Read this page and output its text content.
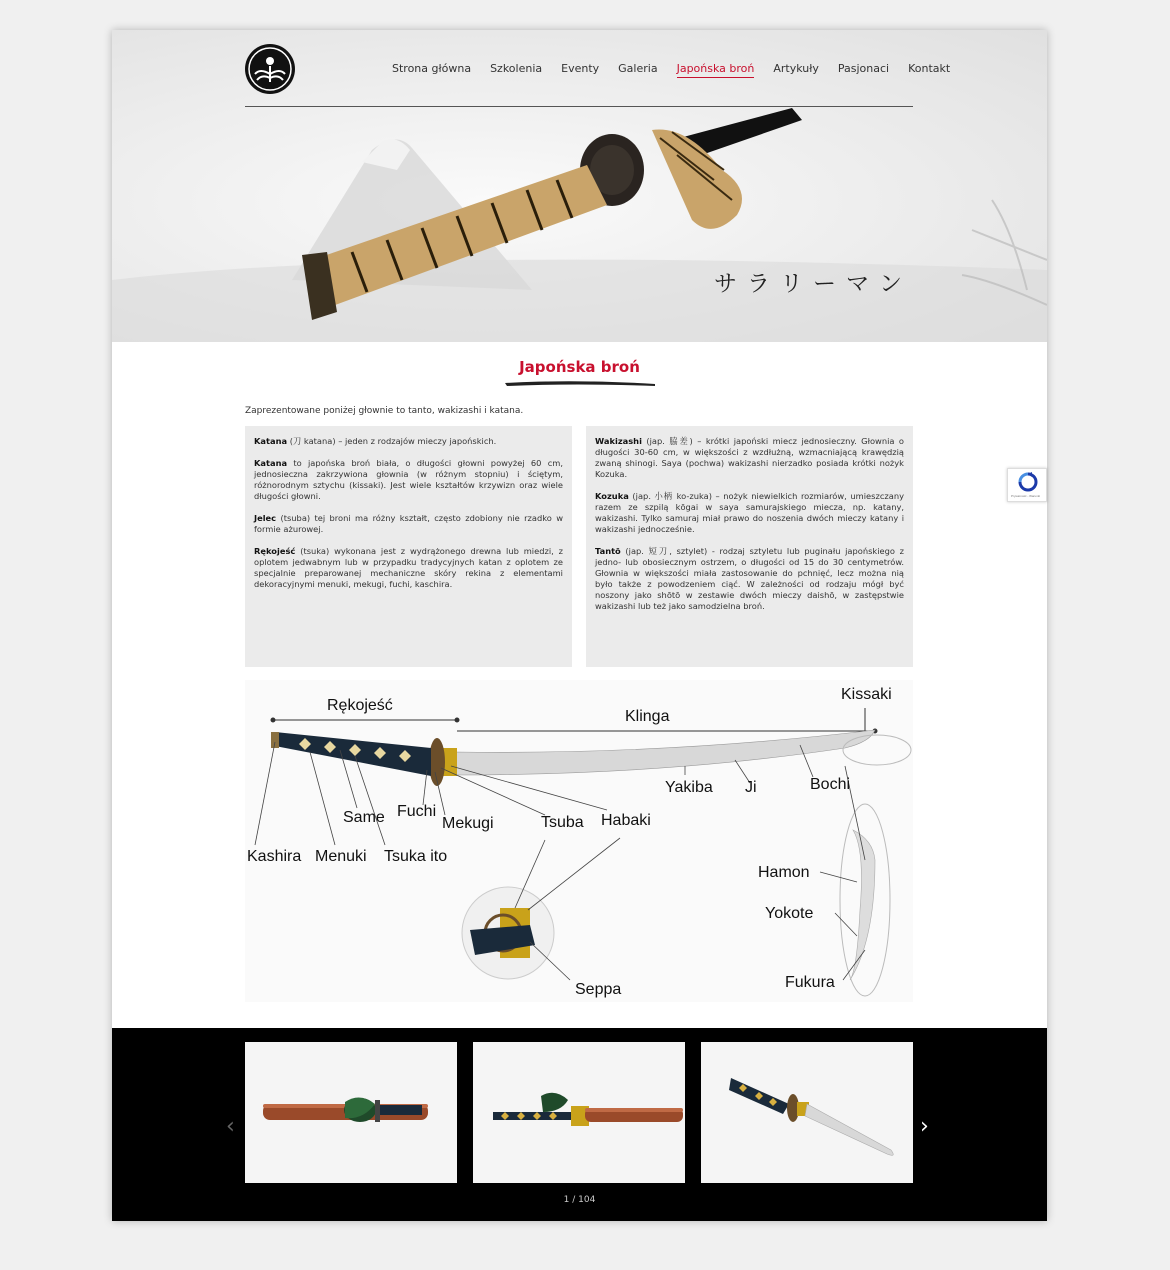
Strona główna Szkolenia Eventy Galeria Japońska broń Artykuły Pasjonaci Kontakt
サラリーマン
Japońska broń

Zaprezentowane poniżej głownie to tanto, wakizashi i katana.

Katana (刀 katana) – jeden z rodzajów mieczy japońskich.

Katana to japońska broń biała, o długości głowni powyżej 60 cm, jednosieczna zakrzywiona głownia (w różnym stopniu) i ściętym, różnorodnym sztychu (kissaki). Jest wiele kształtów krzywizn oraz wiele długości głowni.

Jelec (tsuba) tej broni ma różny kształt, często zdobiony nie rzadko w formie ażurowej.

Rękojeść (tsuka) wykonana jest z wydrążonego drewna lub miedzi, z oplotem jedwabnym lub w przypadku tradycyjnych katan z oplotem ze specjalnie preparowanej mechaniczne skóry rekina z elementami dekoracyjnymi menuki, mekugi, fuchi, kaschira.

Wakizashi (jap. 脇差) – krótki japoński miecz jednosieczny. Głownia o długości 30-60 cm, w większości z wzdłużną, wzmacniającą krawędzią zwaną shinogi. Saya (pochwa) wakizashi nierzadko posiada krótki nożyk Kozuka.

Kozuka (jap. 小柄 ko-zuka) – nożyk niewielkich rozmiarów, umieszczany razem ze szpilą kōgai w saya samurajskiego miecza, np. katany, wakizashi. Tylko samuraj miał prawo do noszenia dwóch mieczy katany i wakizashi jednocześnie.

Tantō (jap. 短刀, sztylet) - rodzaj sztyletu lub puginału japońskiego z jedno- lub obosiecznym ostrzem, o długości od 15 do 30 centymetrów. Głownia w większości miała zastosowanie do pchnięć, lecz można nią było także z powodzeniem ciąć. W zależności od rodzaju mógł być noszony jako shōtō w zestawie dwóch mieczy daishō, w zastępstwie wakizashi lub też jako samodzielna broń.

Rękojeść
Klinga
Kissaki
Yakiba Ji	Bochi
Same Fuchi
Mekugi	Tsuba Habaki
Kashira Menuki Tsuka ito
Hamon
Yokote
Fukura
Seppa
‹	›
1 / 104
Prywatność - Warunki
